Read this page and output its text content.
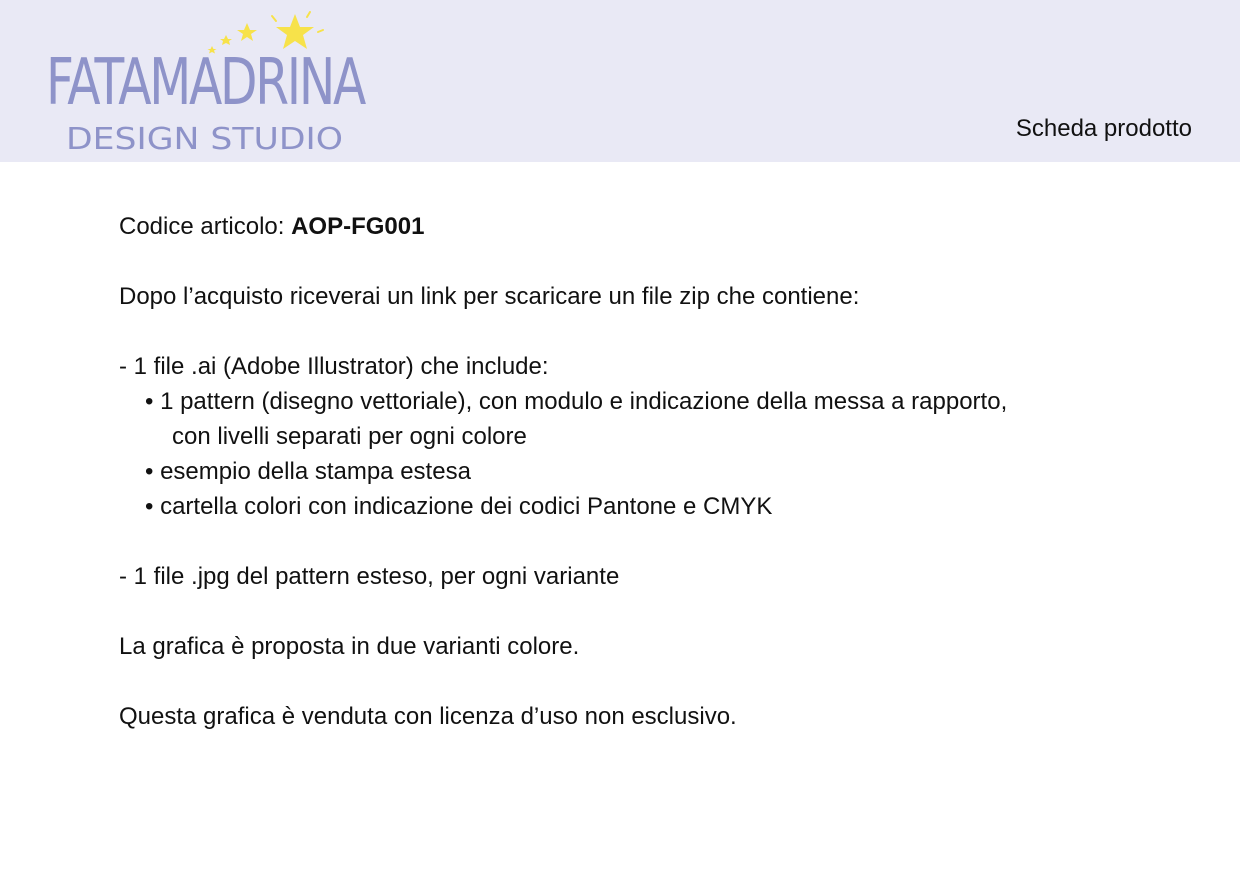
FATAMADRINA
DESIGN STUDIO	Scheda prodotto
Codice articolo: AOP-FG001
Dopo l’acquisto riceverai un link per scaricare un file zip che contiene:
- 1 file .ai (Adobe Illustrator) che include:
• 1 pattern (disegno vettoriale), con modulo e indicazione della messa a rapporto,
con livelli separati per ogni colore
• esempio della stampa estesa
• cartella colori con indicazione dei codici Pantone e CMYK
- 1 file .jpg del pattern esteso, per ogni variante
La grafica è proposta in due varianti colore.
Questa grafica è venduta con licenza d’uso non esclusivo.
